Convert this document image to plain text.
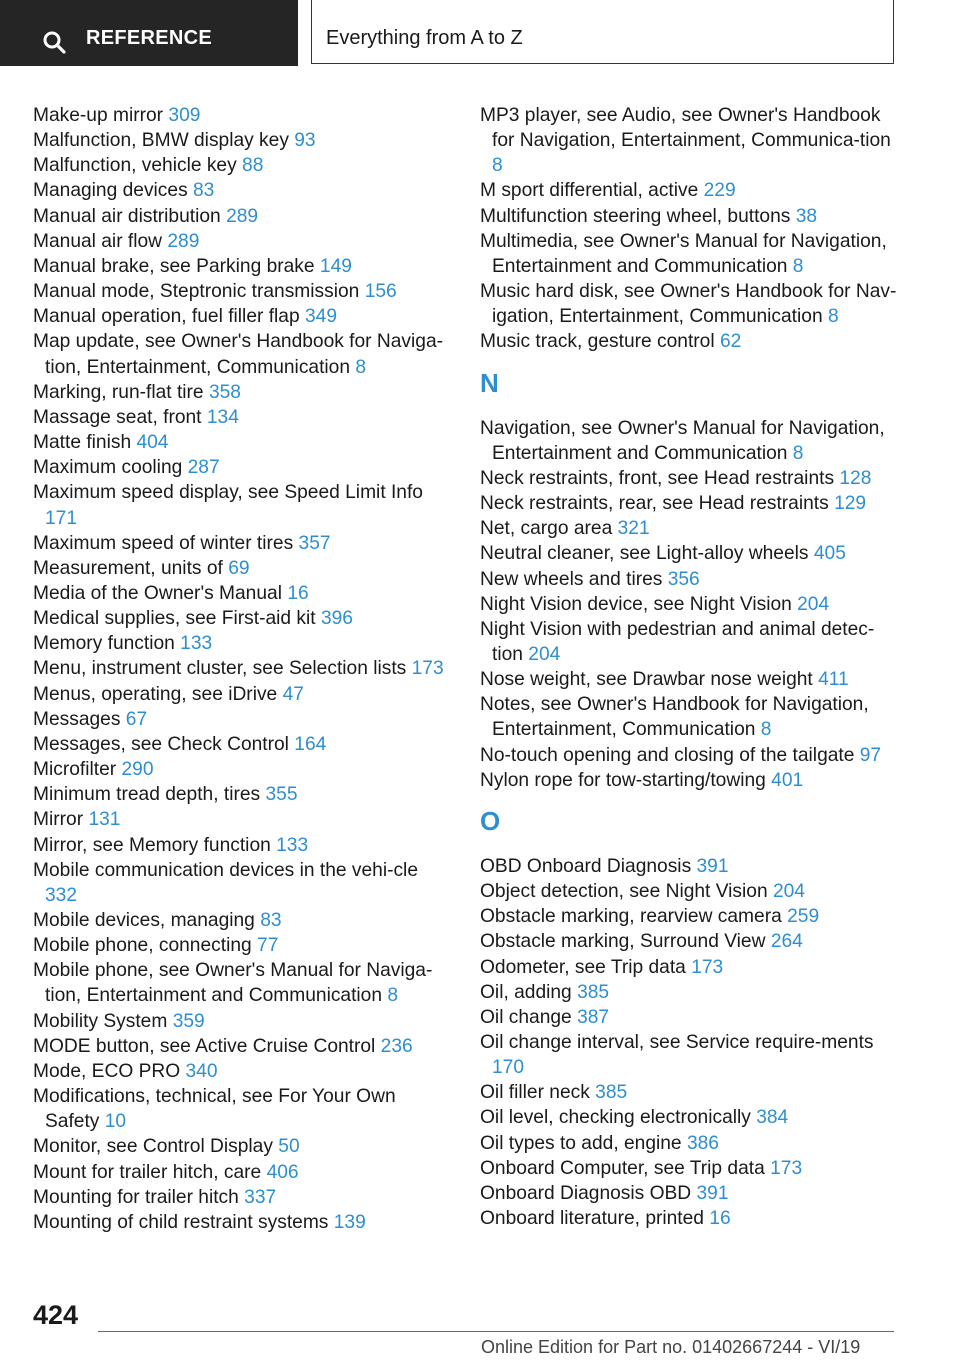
REFERENCE	Everything from A to Z
Make-up mirror 309
Malfunction, BMW display key 93
Malfunction, vehicle key 88
Managing devices 83
Manual air distribution 289
Manual air flow 289
Manual brake, see Parking brake 149
Manual mode, Steptronic transmission 156
Manual operation, fuel filler flap 349
Map update, see Owner's Handbook for Naviga-tion, Entertainment, Communication 8
Marking, run-flat tire 358
Massage seat, front 134
Matte finish 404
Maximum cooling 287
Maximum speed display, see Speed Limit Info 171
Maximum speed of winter tires 357
Measurement, units of 69
Media of the Owner's Manual 16
Medical supplies, see First-aid kit 396
Memory function 133
Menu, instrument cluster, see Selection lists 173
Menus, operating, see iDrive 47
Messages 67
Messages, see Check Control 164
Microfilter 290
Minimum tread depth, tires 355
Mirror 131
Mirror, see Memory function 133
Mobile communication devices in the vehi-cle 332
Mobile devices, managing 83
Mobile phone, connecting 77
Mobile phone, see Owner's Manual for Naviga-tion, Entertainment and Communication 8
Mobility System 359
MODE button, see Active Cruise Control 236
Mode, ECO PRO 340
Modifications, technical, see For Your Own Safety 10
Monitor, see Control Display 50
Mount for trailer hitch, care 406
Mounting for trailer hitch 337
Mounting of child restraint systems 139
MP3 player, see Audio, see Owner's Handbook for Navigation, Entertainment, Communica-tion 8
M sport differential, active 229
Multifunction steering wheel, buttons 38
Multimedia, see Owner's Manual for Navigation, Entertainment and Communication 8
Music hard disk, see Owner's Handbook for Nav-igation, Entertainment, Communication 8
Music track, gesture control 62
N
Navigation, see Owner's Manual for Navigation, Entertainment and Communication 8
Neck restraints, front, see Head restraints 128
Neck restraints, rear, see Head restraints 129
Net, cargo area 321
Neutral cleaner, see Light-alloy wheels 405
New wheels and tires 356
Night Vision device, see Night Vision 204
Night Vision with pedestrian and animal detec-tion 204
Nose weight, see Drawbar nose weight 411
Notes, see Owner's Handbook for Navigation, Entertainment, Communication 8
No-touch opening and closing of the tailgate 97
Nylon rope for tow-starting/towing 401
O
OBD Onboard Diagnosis 391
Object detection, see Night Vision 204
Obstacle marking, rearview camera 259
Obstacle marking, Surround View 264
Odometer, see Trip data 173
Oil, adding 385
Oil change 387
Oil change interval, see Service require-ments 170
Oil filler neck 385
Oil level, checking electronically 384
Oil types to add, engine 386
Onboard Computer, see Trip data 173
Onboard Diagnosis OBD 391
Onboard literature, printed 16
424
Online Edition for Part no. 01402667244 - VI/19
